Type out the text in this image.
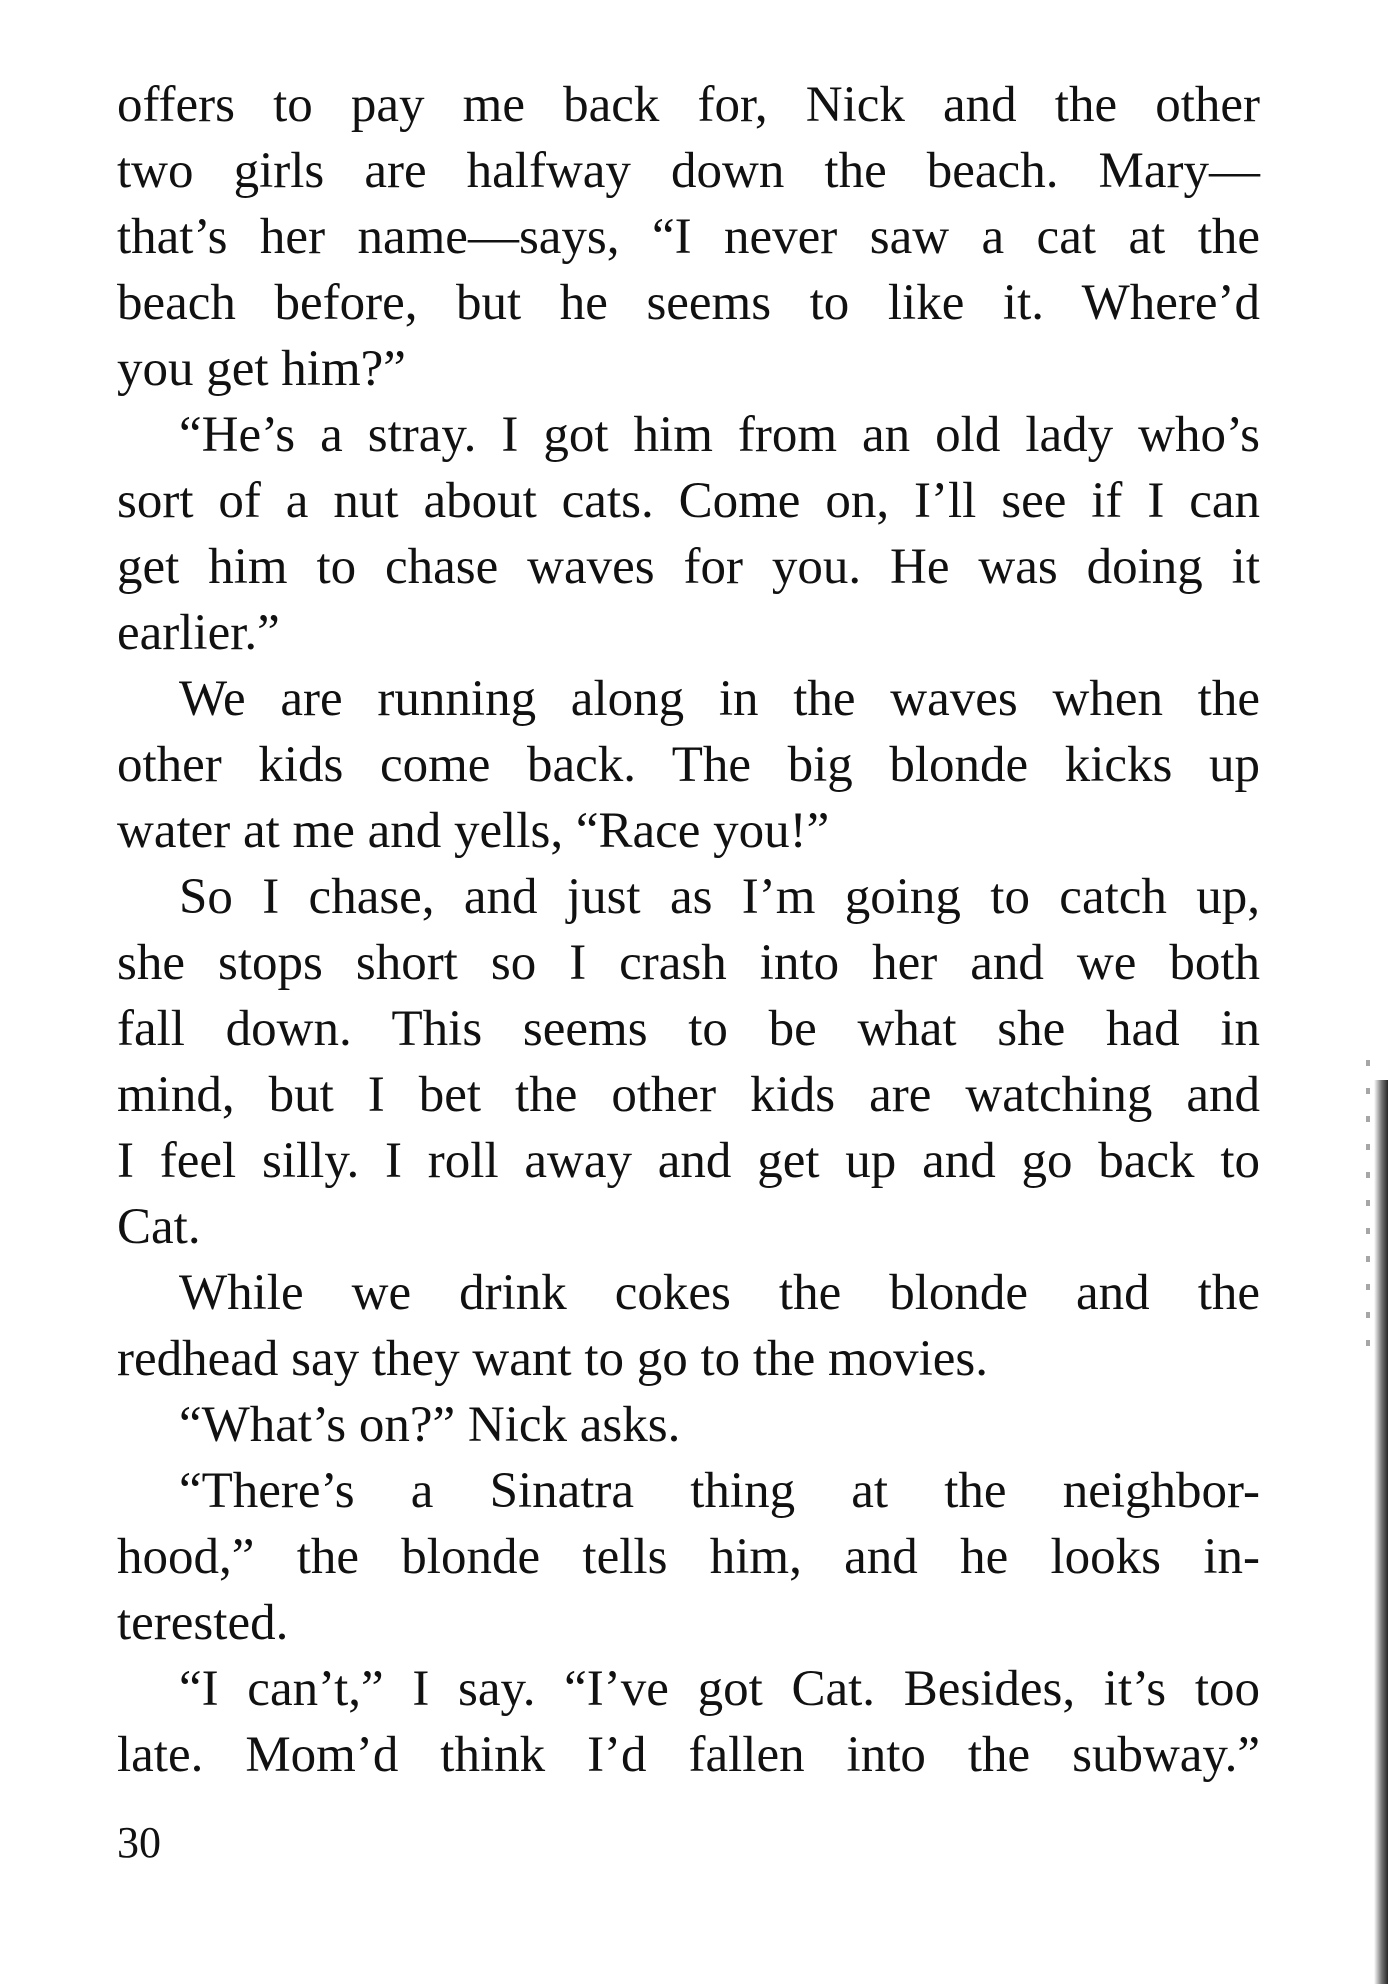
offers to pay me back for, Nick and the other
two girls are halfway down the beach. Mary—
that’s her name—says, “I never saw a cat at the
beach before, but he seems to like it. Where’d
you get him?”

“He’s a stray. I got him from an old lady who’s
sort of a nut about cats. Come on, I’ll see if I can
get him to chase waves for you. He was doing it
earlier.”

We are running along in the waves when the
other kids come back. The big blonde kicks up
water at me and yells, “Race you!”

So I chase, and just as I’m going to catch up,
she stops short so I crash into her and we both
fall down. This seems to be what she had in
mind, but I bet the other kids are watching and
I feel silly. I roll away and get up and go back to
Cat.

While we drink cokes the blonde and the
redhead say they want to go to the movies.

“What’s on?” Nick asks.

“There’s a Sinatra thing at the neighbor-
hood,” the blonde tells him, and he looks in-
terested.

“I can’t,” I say. “I’ve got Cat. Besides, it’s too
late. Mom’d think I’d fallen into the subway.”

30
